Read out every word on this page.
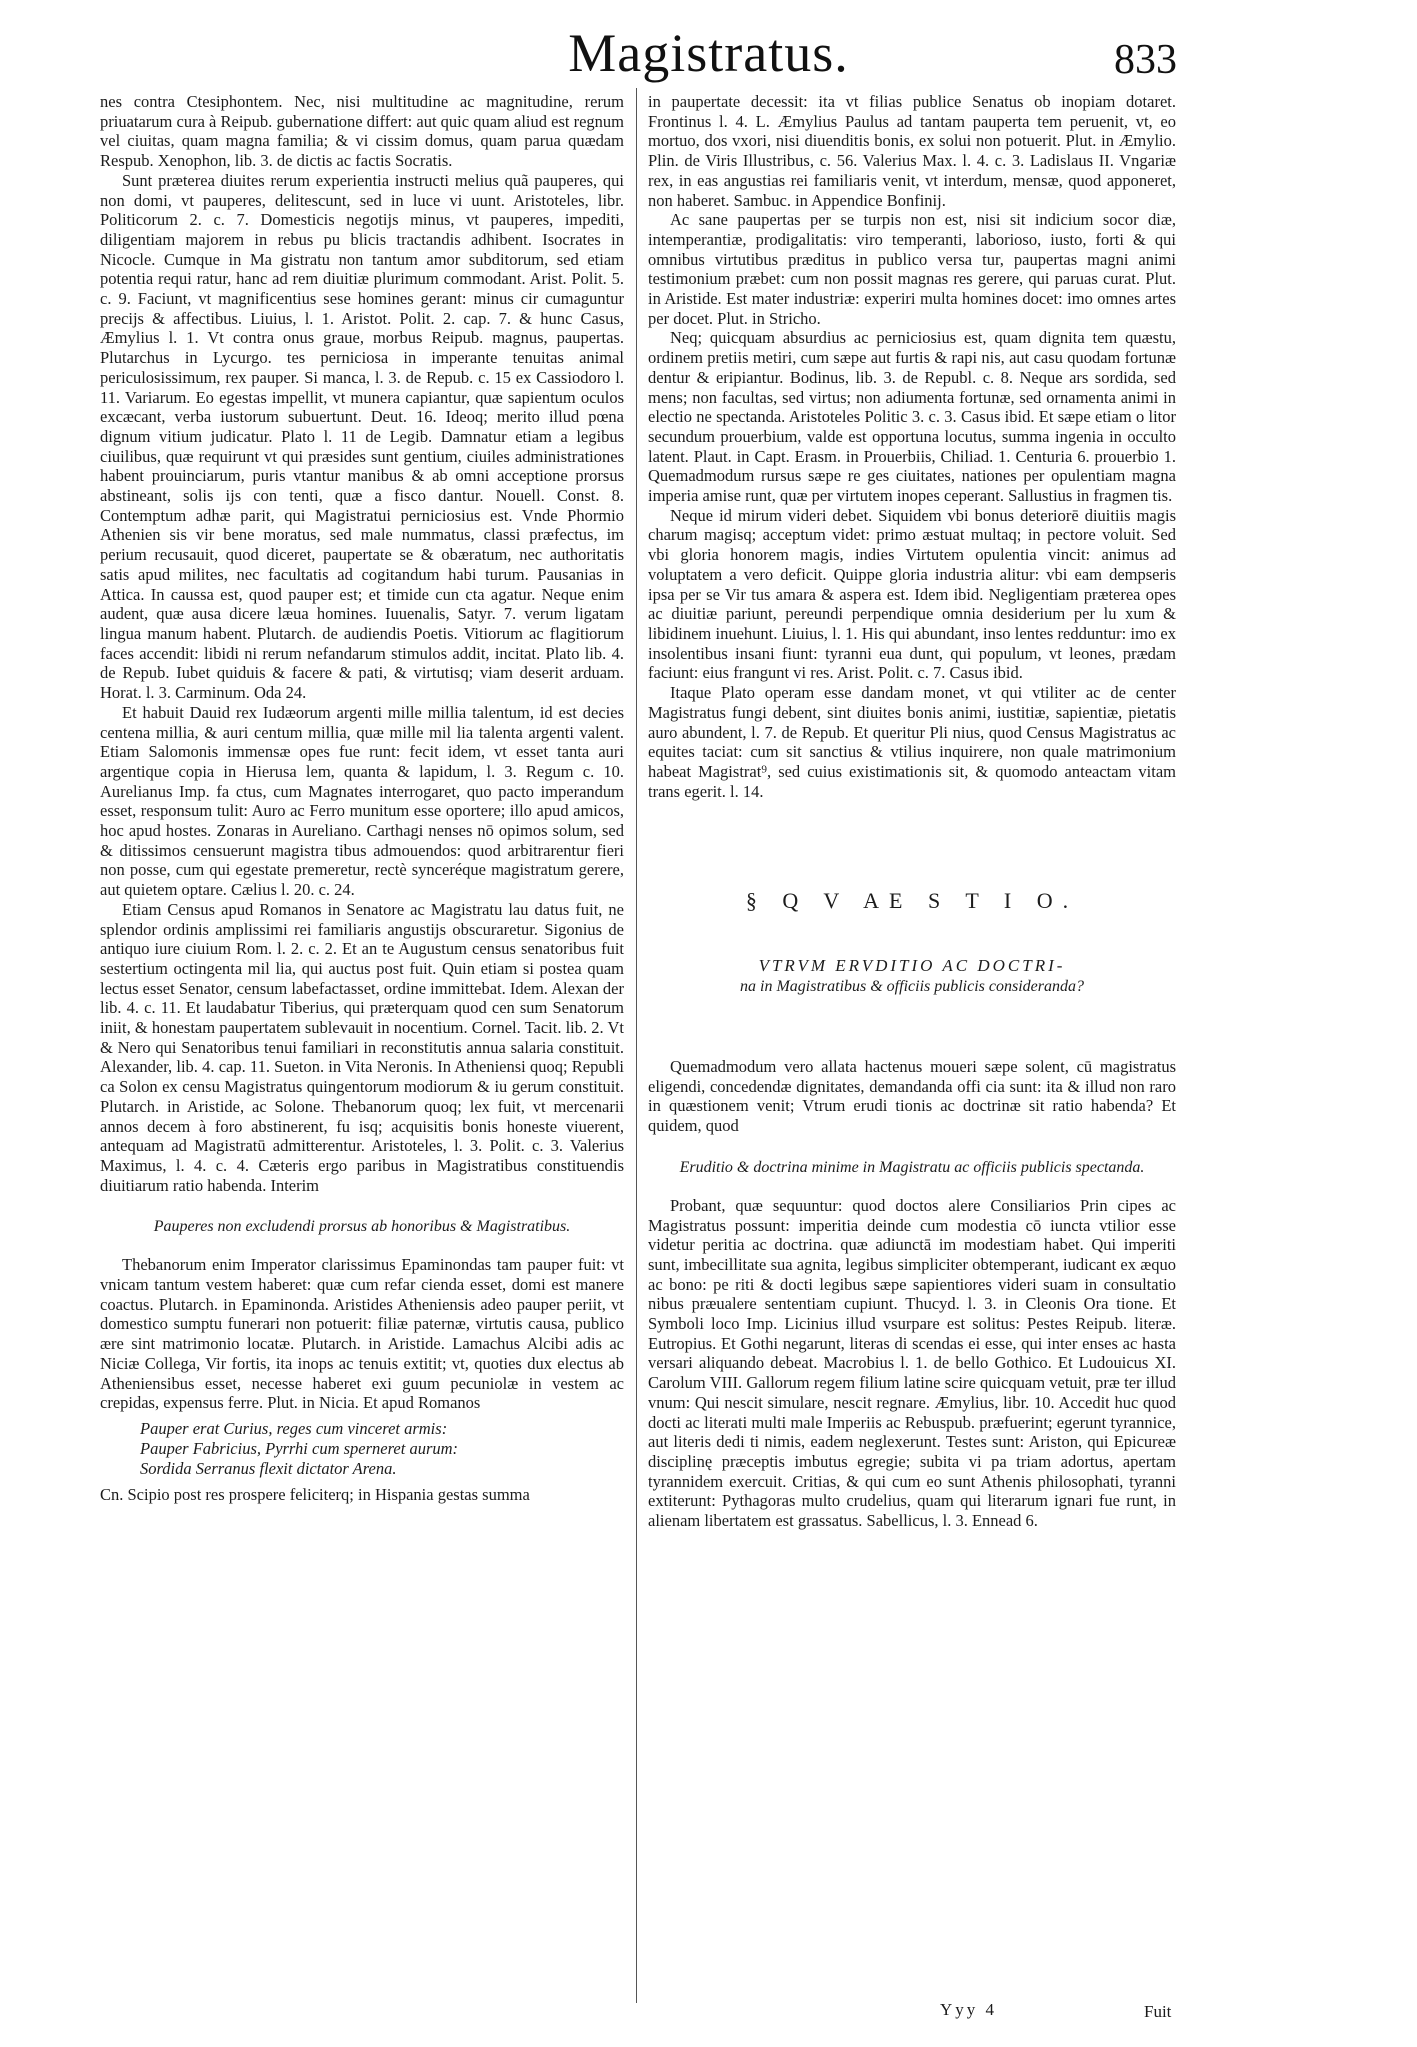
Magistratus.	833

nes contra Ctesiphontem. Nec, nisi multitudine ac magnitudine, rerum priuatarum cura à Reipub. gubernatione differt: aut quic quam aliud est regnum vel ciuitas, quam magna familia; & vi cissim domus, quam parua quædam Respub. Xenophon, lib. 3. de dictis ac factis Socratis.

Sunt præterea diuites rerum experientia instructi melius quã pauperes, qui non domi, vt pauperes, delitescunt, sed in luce vi uunt. Aristoteles, libr. Politicorum 2. c. 7. Domesticis negotijs minus, vt pauperes, impediti, diligentiam majorem in rebus pu blicis tractandis adhibent. Isocrates in Nicocle. Cumque in Ma gistratu non tantum amor subditorum, sed etiam potentia requi ratur, hanc ad rem diuitiæ plurimum commodant. Arist. Polit. 5. c. 9. Faciunt, vt magnificentius sese homines gerant: minus cir cumaguntur precijs & affectibus. Liuius, l. 1. Aristot. Polit. 2. cap. 7. & hunc Casus, Æmylius l. 1. Vt contra onus graue, morbus Reipub. magnus, paupertas. Plutarchus in Lycurgo. tes perniciosa in imperante tenuitas animal periculosissimum, rex pauper. Si manca, l. 3. de Repub. c. 15 ex Cassiodoro l. 11. Variarum. Eo egestas impellit, vt munera capiantur, quæ sapientum oculos excæcant, verba iustorum subuertunt. Deut. 16. Ideoq; merito illud pœna dignum vitium judicatur. Plato l. 11 de Legib. Damnatur etiam a legibus ciuilibus, quæ requirunt vt qui præsides sunt gentium, ciuiles administrationes habent prouinciarum, puris vtantur manibus & ab omni acceptione prorsus abstineant, solis ijs con tenti, quæ a fisco dantur. Nouell. Const. 8. Contemptum adhæ parit, qui Magistratui perniciosius est. Vnde Phormio Athenien sis vir bene moratus, sed male nummatus, classi præfectus, im perium recusauit, quod diceret, paupertate se & obæratum, nec authoritatis satis apud milites, nec facultatis ad cogitandum habi turum. Pausanias in Attica. In caussa est, quod pauper est; et timide cun cta agatur. Neque enim audent, quæ ausa dicere læua homines. Iuuenalis, Satyr. 7. verum ligatam lingua manum habent. Plutarch. de audiendis Poetis. Vitiorum ac flagitiorum faces accendit: libidi ni rerum nefandarum stimulos addit, incitat. Plato lib. 4. de Repub. Iubet quiduis & facere & pati, & virtutisq; viam deserit arduam. Horat. l. 3. Carminum. Oda 24.

Et habuit Dauid rex Iudæorum argenti mille millia talentum, id est decies centena millia, & auri centum millia, quæ mille mil lia talenta argenti valent. Etiam Salomonis immensæ opes fue runt: fecit idem, vt esset tanta auri argentique copia in Hierusa lem, quanta & lapidum, l. 3. Regum c. 10. Aurelianus Imp. fa ctus, cum Magnates interrogaret, quo pacto imperandum esset, responsum tulit: Auro ac Ferro munitum esse oportere; illo apud amicos, hoc apud hostes. Zonaras in Aureliano. Carthagi nenses nō opimos solum, sed & ditissimos censuerunt magistra tibus admouendos: quod arbitrarentur fieri non posse, cum qui egestate premeretur, rectè synceréque magistratum gerere, aut quietem optare. Cælius l. 20. c. 24.

Etiam Census apud Romanos in Senatore ac Magistratu lau datus fuit, ne splendor ordinis amplissimi rei familiaris angustijs obscuraretur. Sigonius de antiquo iure ciuium Rom. l. 2. c. 2. Et an te Augustum census senatoribus fuit sestertium octingenta mil lia, qui auctus post fuit. Quin etiam si postea quam lectus esset Senator, censum labefactasset, ordine immittebat. Idem. Alexan der lib. 4. c. 11. Et laudabatur Tiberius, qui præterquam quod cen sum Senatorum iniit, & honestam paupertatem sublevauit in nocentium. Cornel. Tacit. lib. 2. Vt & Nero qui Senatoribus tenui familiari in reconstitutis annua salaria constituit. Alexander, lib. 4. cap. 11. Sueton. in Vita Neronis. In Atheniensi quoq; Republi ca Solon ex censu Magistratus quingentorum modiorum & iu gerum constituit. Plutarch. in Aristide, ac Solone. Thebanorum quoq; lex fuit, vt mercenarii annos decem à foro abstinerent, fu isq; acquisitis bonis honeste viuerent, antequam ad Magistratū admitterentur. Aristoteles, l. 3. Polit. c. 3. Valerius Maximus, l. 4. c. 4. Cæteris ergo paribus in Magistratibus constituendis diuitiarum ratio habenda. Interim

Pauperes non excludendi prorsus ab honoribus & Magistratibus.

Thebanorum enim Imperator clarissimus Epaminondas tam pauper fuit: vt vnicam tantum vestem haberet: quæ cum refar cienda esset, domi est manere coactus. Plutarch. in Epaminonda. Aristides Atheniensis adeo pauper periit, vt domestico sumptu funerari non potuerit: filiæ paternæ, virtutis causa, publico ære sint matrimonio locatæ. Plutarch. in Aristide. Lamachus Alcibi adis ac Niciæ Collega, Vir fortis, ita inops ac tenuis extitit; vt, quoties dux electus ab Atheniensibus esset, necesse haberet exi guum pecuniolæ in vestem ac crepidas, expensus ferre. Plut. in Nicia. Et apud Romanos

Pauper erat Curius, reges cum vinceret armis:
Pauper Fabricius, Pyrrhi cum sperneret aurum:
Sordida Serranus flexit dictator Arena.

Cn. Scipio post res prospere feliciterq; in Hispania gestas summa

in paupertate decessit: ita vt filias publice Senatus ob inopiam dotaret. Frontinus l. 4. L. Æmylius Paulus ad tantam pauperta tem peruenit, vt, eo mortuo, dos vxori, nisi diuenditis bonis, ex solui non potuerit. Plut. in Æmylio. Plin. de Viris Illustribus, c. 56. Valerius Max. l. 4. c. 3. Ladislaus II. Vngariæ rex, in eas angustias rei familiaris venit, vt interdum, mensæ, quod apponeret, non haberet. Sambuc. in Appendice Bonfinij.

Ac sane paupertas per se turpis non est, nisi sit indicium socor diæ, intemperantiæ, prodigalitatis: viro temperanti, laborioso, iusto, forti & qui omnibus virtutibus præditus in publico versa tur, paupertas magni animi testimonium præbet: cum non possit magnas res gerere, qui paruas curat. Plut. in Aristide. Est mater industriæ: experiri multa homines docet: imo omnes artes per docet. Plut. in Stricho.

Neq; quicquam absurdius ac perniciosius est, quam dignita tem quæstu, ordinem pretiis metiri, cum sæpe aut furtis & rapi nis, aut casu quodam fortunæ dentur & eripiantur. Bodinus, lib. 3. de Republ. c. 8. Neque ars sordida, sed mens; non facultas, sed virtus; non adiumenta fortunæ, sed ornamenta animi in electio ne spectanda. Aristoteles Politic 3. c. 3. Casus ibid. Et sæpe etiam o litor secundum prouerbium, valde est opportuna locutus, summa ingenia in occulto latent. Plaut. in Capt. Erasm. in Prouerbiis, Chiliad. 1. Centuria 6. prouerbio 1. Quemadmodum rursus sæpe re ges ciuitates, nationes per opulentiam magna imperia amise runt, quæ per virtutem inopes ceperant. Sallustius in fragmen tis.

Neque id mirum videri debet. Siquidem vbi bonus deteriorē diuitiis magis charum magisq; acceptum videt: primo æstuat multaq; in pectore voluit. Sed vbi gloria honorem magis, indies Virtutem opulentia vincit: animus ad voluptatem a vero deficit. Quippe gloria industria alitur: vbi eam dempseris ipsa per se Vir tus amara & aspera est. Idem ibid. Negligentiam præterea opes ac diuitiæ pariunt, pereundi perpendique omnia desiderium per lu xum & libidinem inuehunt. Liuius, l. 1. His qui abundant, inso lentes redduntur: imo ex insolentibus insani fiunt: tyranni eua dunt, qui populum, vt leones, prædam faciunt: eius frangunt vi res. Arist. Polit. c. 7. Casus ibid.

Itaque Plato operam esse dandam monet, vt qui vtiliter ac de center Magistratus fungi debent, sint diuites bonis animi, iustitiæ, sapientiæ, pietatis auro abundent, l. 7. de Repub. Et queritur Pli nius, quod Census Magistratus ac equites taciat: cum sit sanctius & vtilius inquirere, non quale matrimonium habeat Magistrat⁹, sed cuius existimationis sit, & quomodo anteactam vitam trans egerit. l. 14.

§ Q V AE S T I O.
VTRVM ERVDITIO AC DOCTRI-
na in Magistratibus & officiis publicis consideranda?

Quemadmodum vero allata hactenus moueri sæpe solent, cū magistratus eligendi, concedendæ dignitates, demandanda offi cia sunt: ita & illud non raro in quæstionem venit; Vtrum erudi tionis ac doctrinæ sit ratio habenda? Et quidem, quod

Eruditio & doctrina minime in Magistratu ac officiis publicis spectanda.

Probant, quæ sequuntur: quod doctos alere Consiliarios Prin cipes ac Magistratus possunt: imperitia deinde cum modestia cō iuncta vtilior esse videtur peritia ac doctrina. quæ adiunctā im modestiam habet. Qui imperiti sunt, imbecillitate sua agnita, legibus simpliciter obtemperant, iudicant ex æquo ac bono: pe riti & docti legibus sæpe sapientiores videri suam in consultatio nibus præualere sententiam cupiunt. Thucyd. l. 3. in Cleonis Ora tione. Et Symboli loco Imp. Licinius illud vsurpare est solitus: Pestes Reipub. literæ. Eutropius. Et Gothi negarunt, literas di scendas ei esse, qui inter enses ac hasta versari aliquando debeat. Macrobius l. 1. de bello Gothico. Et Ludouicus XI. Carolum VIII. Gallorum regem filium latine scire quicquam vetuit, præ ter illud vnum: Qui nescit simulare, nescit regnare. Æmylius, libr. 10. Accedit huc quod docti ac literati multi male Imperiis ac Rebuspub. præfuerint; egerunt tyrannice, aut literis dedi ti nimis, eadem neglexerunt. Testes sunt: Ariston, qui Epicureæ disciplinę præceptis imbutus egregie; subita vi pa triam adortus, apertam tyrannidem exercuit. Critias, & qui cum eo sunt Athenis philosophati, tyranni extiterunt: Pythagoras multo crudelius, quam qui literarum ignari fue runt, in alienam libertatem est grassatus. Sabellicus, l. 3. Ennead 6.

Yyy 4	Fuit
